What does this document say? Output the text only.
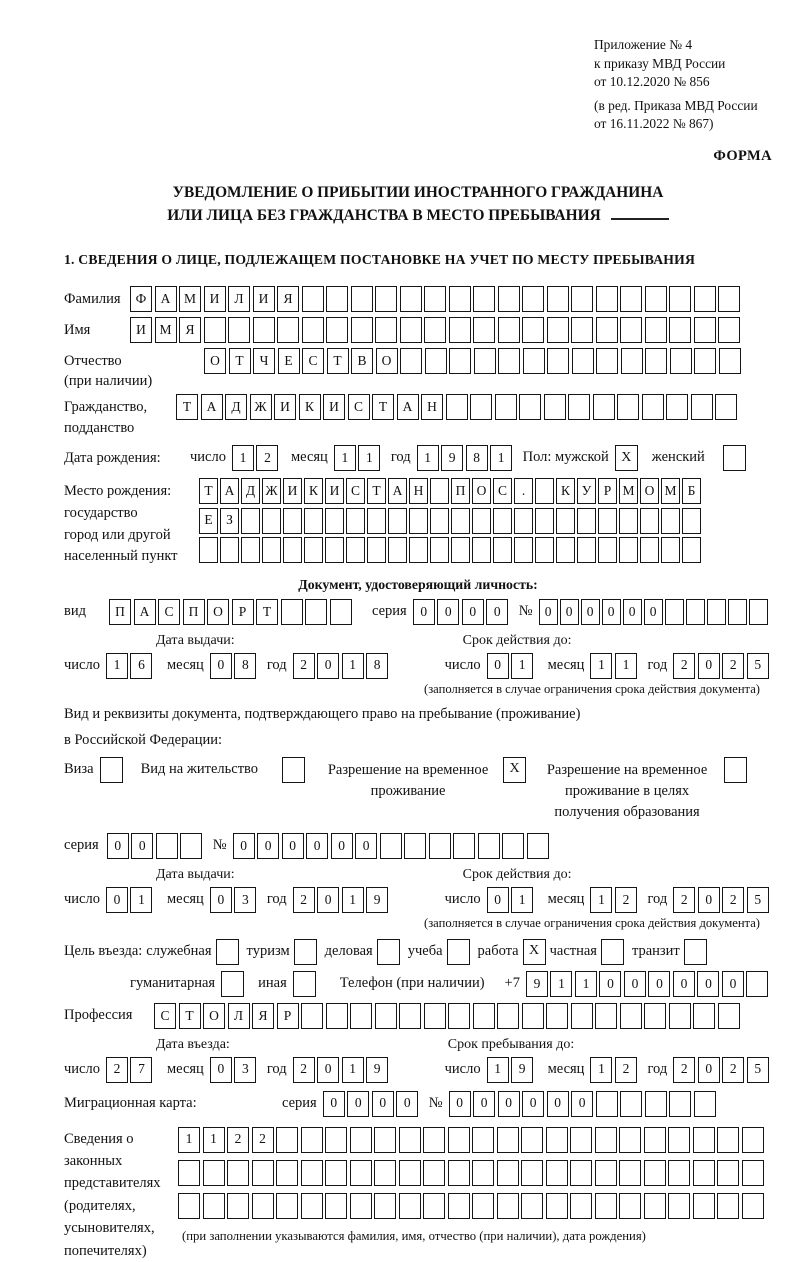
Приложение № 4
к приказу МВД России
от 10.12.2020 № 856
(в ред. Приказа МВД России
от 16.11.2022 № 867)
ФОРМА
УВЕДОМЛЕНИЕ О ПРИБЫТИИ ИНОСТРАННОГО ГРАЖДАНИНА
ИЛИ ЛИЦА БЕЗ ГРАЖДАНСТВА В МЕСТО ПРЕБЫВАНИЯ
1. СВЕДЕНИЯ О ЛИЦЕ, ПОДЛЕЖАЩЕМ ПОСТАНОВКЕ НА УЧЕТ ПО МЕСТУ ПРЕБЫВАНИЯ
Фамилия	Ф	А	М	И	Л	И	Я
Имя	И	М	Я
Отчество
(при наличии)
О	Т	Ч	Е	С	Т	В	О
Гражданство,
подданство
Т	А	Д	Ж	И	К	И	С	Т	А	Н
Дата рождения:	число	1	2	месяц	1	1	год	1	9	8	1	Пол: мужской X	женский
Место рождения:
государство
город или другой
населенный пункт
Т А Д Ж И К И С Т А Н	П О С	.	К У Р М О М Б
Е З
Документ, удостоверяющий личность:
вид	П	А	С	П	О	Р	Т	серия	0	0	0	0	№ 0	0	0	0	0	0
Дата выдачи:	Срок действия до:
число	1	6	месяц	0	8	год	2	0	1	8	число	0	1	месяц	1	1	год	2	0	2	5
(заполняется в случае ограничения срока действия документа)
Вид и реквизиты документа, подтверждающего право на пребывание (проживание)
в Российской Федерации:
Виза	Вид на жительство	Разрешение на временное проживание
X	Разрешение на временное проживание в целях получения образования
серия	0	0	№	0	0	0	0	0	0
Дата выдачи:	Срок действия до:
число	0	1	месяц	0	3	год	2	0	1	9	число	0	1	месяц	1	2	год	2	0	2	5
(заполняется в случае ограничения срока действия документа)
Цель въезда: служебная туризм деловая учеба работа X частная транзит
гуманитарная	иная	Телефон (при наличии) +7	9	1	1	0	0	0	0	0	0
Профессия	С	Т	О	Л	Я	Р
Дата въезда:	Срок пребывания до:
число	2	7	месяц	0	3	год	2	0	1	9	число	1	9	месяц	1	2	год	2	0	2	5
Миграционная карта:	серия	0	0	0	0	№	0	0	0	0	0	0
Сведения о
законных
представителях
(родителях,
усыновителях,
попечителях)
1	1	2	2
(при заполнении указываются фамилия, имя, отчество (при наличии), дата рождения)
